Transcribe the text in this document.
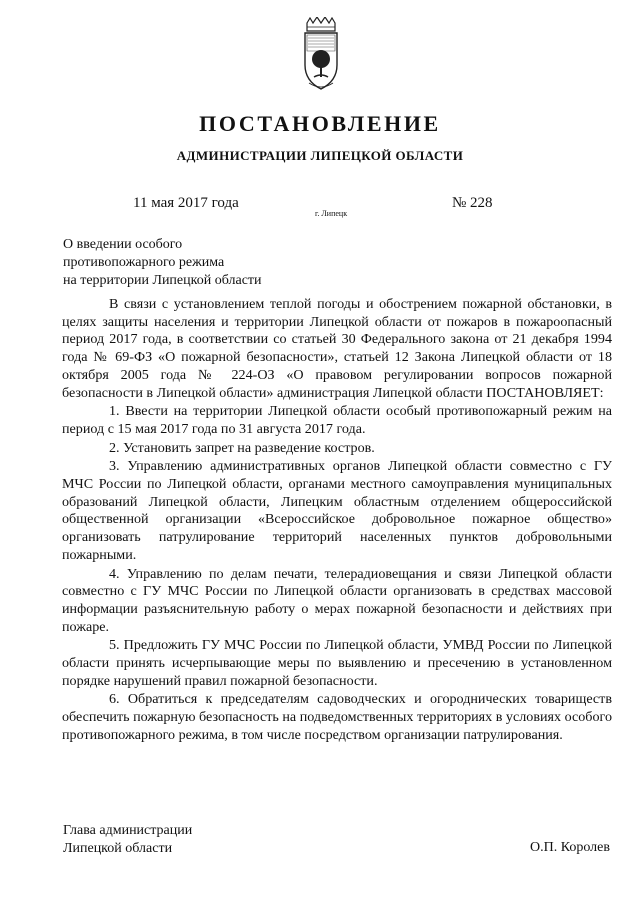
ПОСТАНОВЛЕНИЕ
АДМИНИСТРАЦИИ ЛИПЕЦКОЙ ОБЛАСТИ
11 мая 2017 года
г. Липецк
№ 228
О введении особого
противопожарного режима
на территории Липецкой области

В связи с установлением теплой погоды и обострением пожарной обстановки, в целях защиты населения и территории Липецкой области от пожаров в пожароопасный период 2017 года, в соответствии со статьей 30 Федерального закона от 21 декабря 1994 года № 69-ФЗ «О пожарной безопасности», статьей 12 Закона Липецкой области от 18 октября 2005 года № 224-ОЗ «О правовом регулировании вопросов пожарной безопасности в Липецкой области» администрация Липецкой области ПОСТАНОВЛЯЕТ:

1. Ввести на территории Липецкой области особый противопожарный режим на период с 15 мая 2017 года по 31 августа 2017 года.

2. Установить запрет на разведение костров.

3. Управлению административных органов Липецкой области совместно с ГУ МЧС России по Липецкой области, органами местного самоуправления муниципальных образований Липецкой области, Липецким областным отделением общероссийской общественной организации «Всероссийское добровольное пожарное общество» организовать патрулирование территорий населенных пунктов добровольными пожарными.

4. Управлению по делам печати, телерадиовещания и связи Липецкой области совместно с ГУ МЧС России по Липецкой области организовать в средствах массовой информации разъяснительную работу о мерах пожарной безопасности и действиях при пожаре.

5. Предложить ГУ МЧС России по Липецкой области, УМВД России по Липецкой области принять исчерпывающие меры по выявлению и пресечению в установленном порядке нарушений правил пожарной безопасности.

6. Обратиться к председателям садоводческих и огороднических товариществ обеспечить пожарную безопасность на подведомственных территориях в условиях особого противопожарного режима, в том числе посредством организации патрулирования.

Глава администрации
Липецкой области	О.П. Королев
